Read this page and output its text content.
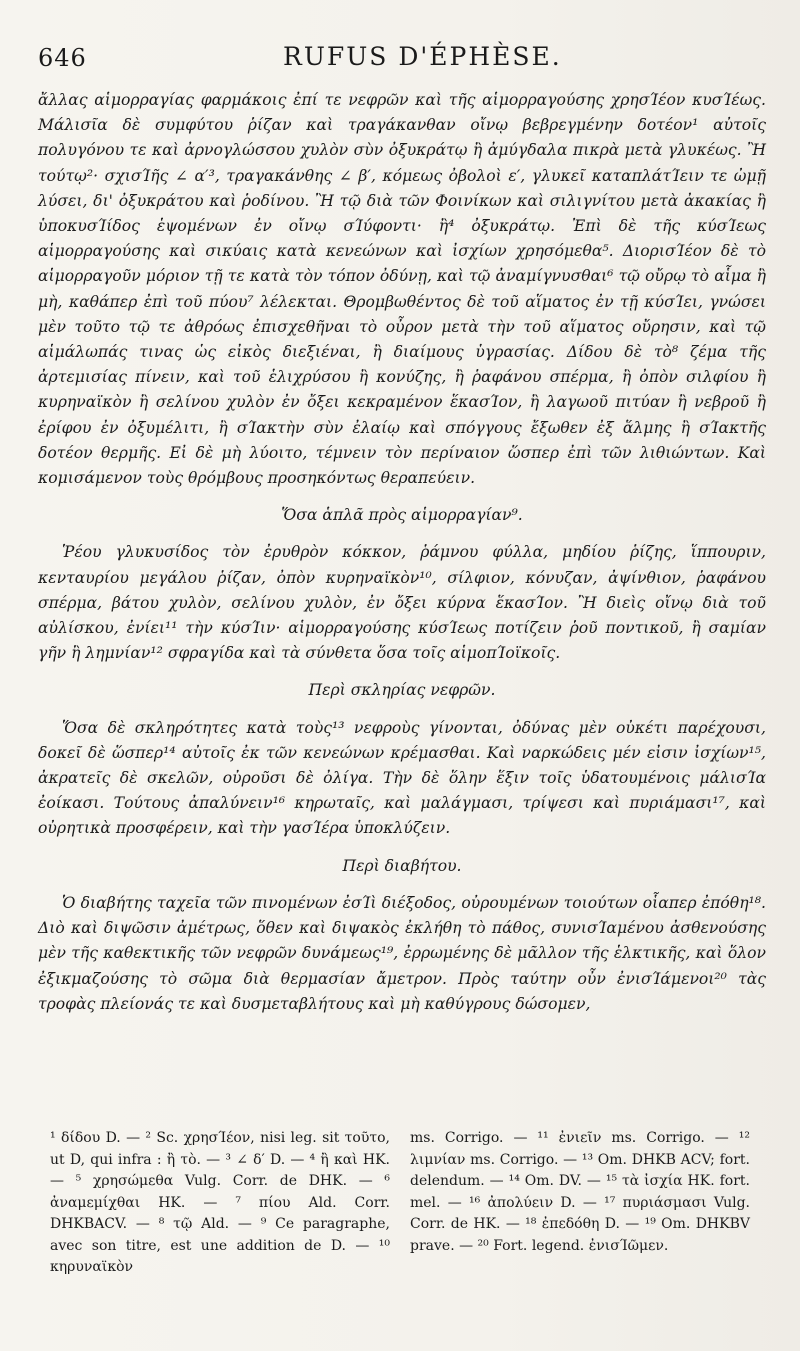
646	RUFUS D'ÉPHÈSE.

ἄλλας αἱμορραγίας φαρμάκοις ἐπί τε νεφρῶν καὶ τῆς αἱμορραγούσης χρησΊέον κυσΊέως. Μάλισῖα δὲ συμφύτου ῥίζαν καὶ τραγάκανθαν οἴνῳ βεβρεγμένην δοτέον¹ αὐτοῖς πολυγόνου τε καὶ ἀρνογλώσσου χυλὸν σὺν ὀξυκράτῳ ἢ ἀμύγδαλα πικρὰ μετὰ γλυκέως. Ἢ τούτῳ²· σχισΊῆς ∠ α′³, τραγακάνθης ∠ β′, κόμεως ὀβολοὶ ε′, γλυκεῖ καταπλάτΊειν τε ὠμῇ λύσει, δι' ὀξυκράτου καὶ ῥοδίνου. Ἢ τῷ διὰ τῶν Φοινίκων καὶ σιλιγνίτου μετὰ ἀκακίας ἢ ὑποκυσΊίδος ἑψομένων ἐν οἴνῳ σΊύφοντι· ἢ⁴ ὀξυκράτῳ. Ἐπὶ δὲ τῆς κύσΊεως αἱμορραγούσης καὶ σικύαις κατὰ κενεώνων καὶ ἰσχίων χρησόμεθα⁵. ΔιορισΊέον δὲ τὸ αἱμορραγοῦν μόριον τῇ τε κατὰ τὸν τόπον ὀδύνῃ, καὶ τῷ ἀναμίγνυσθαι⁶ τῷ οὔρῳ τὸ αἷμα ἢ μὴ, καθάπερ ἐπὶ τοῦ πύου⁷ λέλεκται. Θρομβωθέντος δὲ τοῦ αἵματος ἐν τῇ κύσΊει, γνώσει μὲν τοῦτο τῷ τε ἀθρόως ἐπισχεθῆναι τὸ οὖρον μετὰ τὴν τοῦ αἵματος οὔρησιν, καὶ τῷ αἱμάλωπάς τινας ὡς εἰκὸς διεξιέναι, ἢ διαίμους ὑγρασίας. Δίδου δὲ τὸ⁸ ζέμα τῆς ἀρτεμισίας πίνειν, καὶ τοῦ ἑλιχρύσου ἢ κονύζης, ἢ ῥαφάνου σπέρμα, ἢ ὀπὸν σιλφίου ἢ κυρηναϊκὸν ἢ σελίνου χυλὸν ἐν ὄξει κεκραμένον ἕκασΊον, ἢ λαγωοῦ πιτύαν ἢ νεβροῦ ἢ ἐρίφου ἐν ὀξυμέλιτι, ἢ σΊακτὴν σὺν ἐλαίῳ καὶ σπόγγους ἔξωθεν ἐξ ἅλμης ἢ σΊακτῆς δοτέον θερμῆς. Εἰ δὲ μὴ λύοιτο, τέμνειν τὸν περίναιον ὥσπερ ἐπὶ τῶν λιθιώντων. Καὶ κομισάμενον τοὺς θρόμβους προσηκόντως θεραπεύειν.

Ὅσα ἁπλᾶ πρὸς αἱμορραγίαν⁹.

Ῥέου γλυκυσίδος τὸν ἐρυθρὸν κόκκον, ῥάμνου φύλλα, μηδίου ῥίζης, ἵππουριν, κενταυρίου μεγάλου ῥίζαν, ὀπὸν κυρηναϊκὸν¹⁰, σίλφιον, κόνυζαν, ἀψίνθιον, ῥαφάνου σπέρμα, βάτου χυλὸν, σελίνου χυλὸν, ἐν ὄξει κύρνα ἕκασΊον. Ἢ διεὶς οἴνῳ διὰ τοῦ αὐλίσκου, ἐνίει¹¹ τὴν κύσΊιν· αἱμορραγούσης κύσΊεως ποτίζειν ῥοῦ ποντικοῦ, ἢ σαμίαν γῆν ἢ λημνίαν¹² σφραγίδα καὶ τὰ σύνθετα ὅσα τοῖς αἱμοπΊοϊκοῖς.

Περὶ σκληρίας νεφρῶν.

Ὅσα δὲ σκληρότητες κατὰ τοὺς¹³ νεφροὺς γίνονται, ὀδύνας μὲν οὐκέτι παρέχουσι, δοκεῖ δὲ ὥσπερ¹⁴ αὐτοῖς ἐκ τῶν κενεώνων κρέμασθαι. Καὶ ναρκώδεις μέν εἰσιν ἰσχίων¹⁵, ἀκρατεῖς δὲ σκελῶν, οὐροῦσι δὲ ὀλίγα. Τὴν δὲ ὅλην ἕξιν τοῖς ὑδατουμένοις μάλισΊα ἐοίκασι. Τούτους ἀπαλύνειν¹⁶ κηρωταῖς, καὶ μαλάγμασι, τρίψεσι καὶ πυριάμασι¹⁷, καὶ οὐρητικὰ προσφέρειν, καὶ τὴν γασΊέρα ὑποκλύζειν.

Περὶ διαβήτου.

Ὁ διαβήτης ταχεῖα τῶν πινομένων ἐσΊὶ διέξοδος, οὐρουμένων τοιούτων οἷαπερ ἐπόθη¹⁸. Διὸ καὶ διψῶσιν ἀμέτρως, ὅθεν καὶ διψακὸς ἐκλήθη τὸ πάθος, συνισΊαμένου ἀσθενούσης μὲν τῆς καθεκτικῆς τῶν νεφρῶν δυνάμεως¹⁹, ἐρρωμένης δὲ μᾶλλον τῆς ἑλκτικῆς, καὶ ὅλον ἐξικμαζούσης τὸ σῶμα διὰ θερμασίαν ἄμετρον. Πρὸς ταύτην οὖν ἐνισΊάμενοι²⁰ τὰς τροφὰς πλείονάς τε καὶ δυσμεταβλήτους καὶ μὴ καθύγρους δώσομεν,

¹ δίδου D. — ² Sc. χρησΊέον, nisi leg. sit τοῦτο, ut D, qui infra : ἢ τὸ. — ³ ∠ δ′ D. — ⁴ ἢ καὶ HK. — ⁵ χρησώμεθα Vulg. Corr. de DHK. — ⁶ ἀναμεμίχθαι HK. — ⁷ πίου Ald. Corr. DHKBACV. — ⁸ τῷ Ald. — ⁹ Ce paragraphe, avec son titre, est une addition de D. — ¹⁰ κηρυναϊκὸν

ms. Corrigo. — ¹¹ ἐνιεῖν ms. Corrigo. — ¹² λιμνίαν ms. Corrigo. — ¹³ Om. DHKB ACV; fort. delendum. — ¹⁴ Om. DV. — ¹⁵ τὰ ἰσχία HK. fort. mel. — ¹⁶ ἀπολύειν D. — ¹⁷ πυριάσμασι Vulg. Corr. de HK. — ¹⁸ ἐπεδόθη D. — ¹⁹ Om. DHKBV prave. — ²⁰ Fort. legend. ἐνισΊῶμεν.
